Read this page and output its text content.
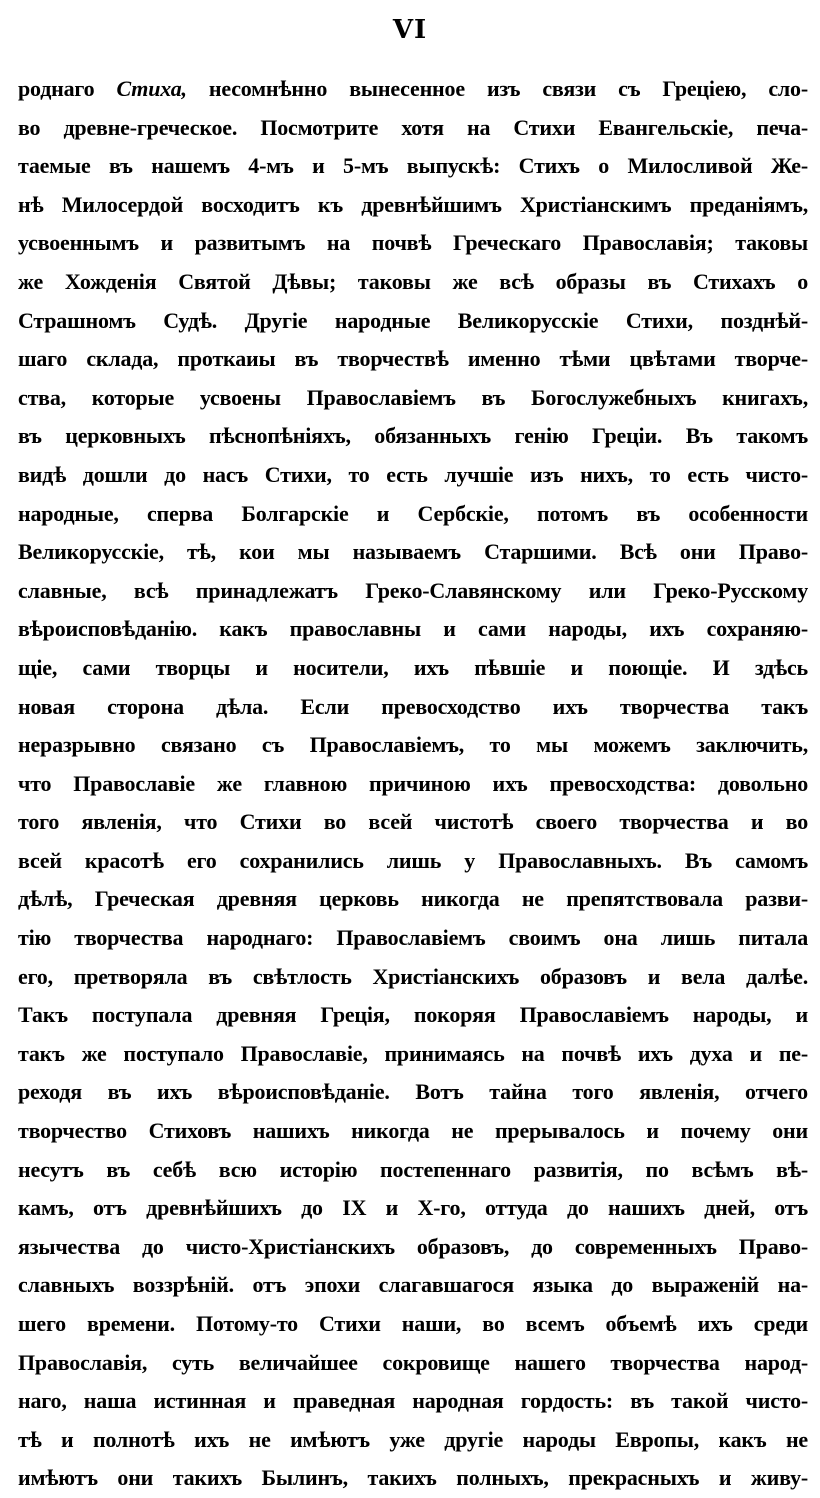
VI
роднаго Стиха, несомнѣнно вынесенное изъ связи съ Греціею, сло-
во древне-греческое. Посмотрите хотя на Стихи Евангельскіе, печа-
таемые въ нашемъ 4-мъ и 5-мъ выпускѣ: Стихъ о Милосливой Же-
нѣ Милосердой восходитъ къ древнѣйшимъ Христіанскимъ преданіямъ,
усвоеннымъ и развитымъ на почвѣ Греческаго Православія; таковы
же Хожденія Святой Дѣвы; таковы же всѣ образы въ Стихахъ о
Страшномъ Судѣ. Другіе народные Великорусскіе Стихи, позднѣй-
шаго склада, проткаиы въ творчествѣ именно тѣми цвѣтами творче-
ства, которые усвоены Православіемъ въ Богослужебныхъ книгахъ,
въ церковныхъ пѣснопѣніяхъ, обязанныхъ генію Греціи. Въ такомъ
видѣ дошли до насъ Стихи, то есть лучшіе изъ нихъ, то есть чисто-
народные, сперва Болгарскіе и Сербскіе, потомъ въ особенности
Великорусскіе, тѣ, кои мы называемъ Старшими. Всѣ они Право-
славные, всѣ принадлежатъ Греко-Славянскому или Греко-Русскому
вѣроисповѣданію. какъ православны и сами народы, ихъ сохраняю-
щіе, сами творцы и носители, ихъ пѣвшіе и поющіе. И здѣсь
новая сторона дѣла. Если превосходство ихъ творчества такъ
неразрывно связано съ Православіемъ, то мы можемъ заключить,
что Православіе же главною причиною ихъ превосходства: довольно
того явленія, что Стихи во всей чистотѣ своего творчества и во
всей красотѣ его сохранились лишь у Православныхъ. Въ самомъ
дѣлѣ, Греческая древняя церковь никогда не препятствовала разви-
тію творчества народнаго: Православіемъ своимъ она лишь питала
его, претворяла въ свѣтлость Христіанскихъ образовъ и вела далѣе.
Такъ поступала древняя Греція, покоряя Православіемъ народы, и
такъ же поступало Православіе, принимаясь на почвѣ ихъ духа и пе-
реходя въ ихъ вѣроисповѣданіе. Вотъ тайна того явленія, отчего
творчество Стиховъ нашихъ никогда не прерывалось и почему они
несутъ въ себѣ всю исторію постепеннаго развитія, по всѣмъ вѣ-
камъ, отъ древнѣйшихъ до IX и X-го, оттуда до нашихъ дней, отъ
язычества до чисто-Христіанскихъ образовъ, до современныхъ Право-
славныхъ воззрѣній. отъ эпохи слагавшагося языка до выраженій на-
шего времени. Потому-то Стихи наши, во всемъ объемѣ ихъ среди
Православія, суть величайшее сокровище нашего творчества народ-
наго, наша истинная и праведная народная гордость: въ такой чисто-
тѣ и полнотѣ ихъ не имѣютъ уже другіе народы Европы, какъ не
имѣютъ они такихъ Былинъ, такихъ полныхъ, прекрасныхъ и живу-
